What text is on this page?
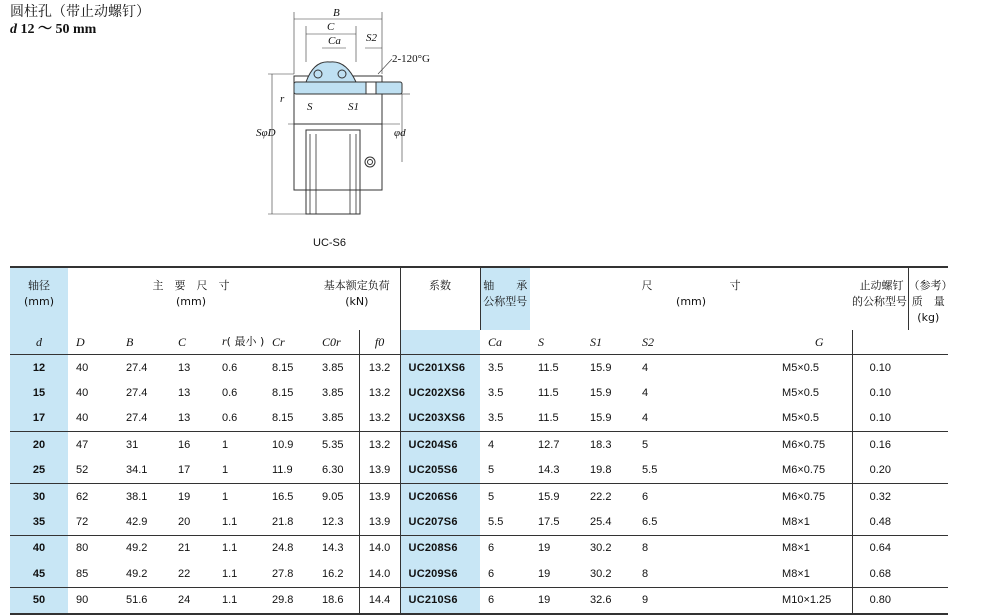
圆柱孔（带止动螺钉）
d 12 ～ 50 mm
B
C
Ca S2
2-120°G
r
S	S1
SφD	φd
UC-S6
轴径
(mm)	主　要　尺　寸
(mm)					基本额定负荷
(kN)		系数	轴　　承
公称型号	尺　　　　　　　寸
(mm)				止动螺钉
的公称型号	（参考）
质　量
(kg)
d	D	B	C	r( 最小 )	Cr	C0r	f0		Ca	S	S1	S2	G		
12	40	27.4	13	0.6	8.15	3.85	13.2	UC201XS6	3.5	11.5	15.9	4	M5×0.5	0.10	
15	40	27.4	13	0.6	8.15	3.85	13.2	UC202XS6	3.5	11.5	15.9	4	M5×0.5	0.10	
17	40	27.4	13	0.6	8.15	3.85	13.2	UC203XS6	3.5	11.5	15.9	4	M5×0.5	0.10	
20	47	31	16	1	10.9	5.35	13.2	UC204S6	4	12.7	18.3	5	M6×0.75	0.16	
25	52	34.1	17	1	11.9	6.30	13.9	UC205S6	5	14.3	19.8	5.5	M6×0.75	0.20	
30	62	38.1	19	1	16.5	9.05	13.9	UC206S6	5	15.9	22.2	6	M6×0.75	0.32	
35	72	42.9	20	1.1	21.8	12.3	13.9	UC207S6	5.5	17.5	25.4	6.5	M8×1	0.48	
40	80	49.2	21	1.1	24.8	14.3	14.0	UC208S6	6	19	30.2	8	M8×1	0.64	
45	85	49.2	22	1.1	27.8	16.2	14.0	UC209S6	6	19	30.2	8	M8×1	0.68	
50	90	51.6	24	1.1	29.8	18.6	14.4	UC210S6	6	19	32.6	9	M10×1.25	0.80	
